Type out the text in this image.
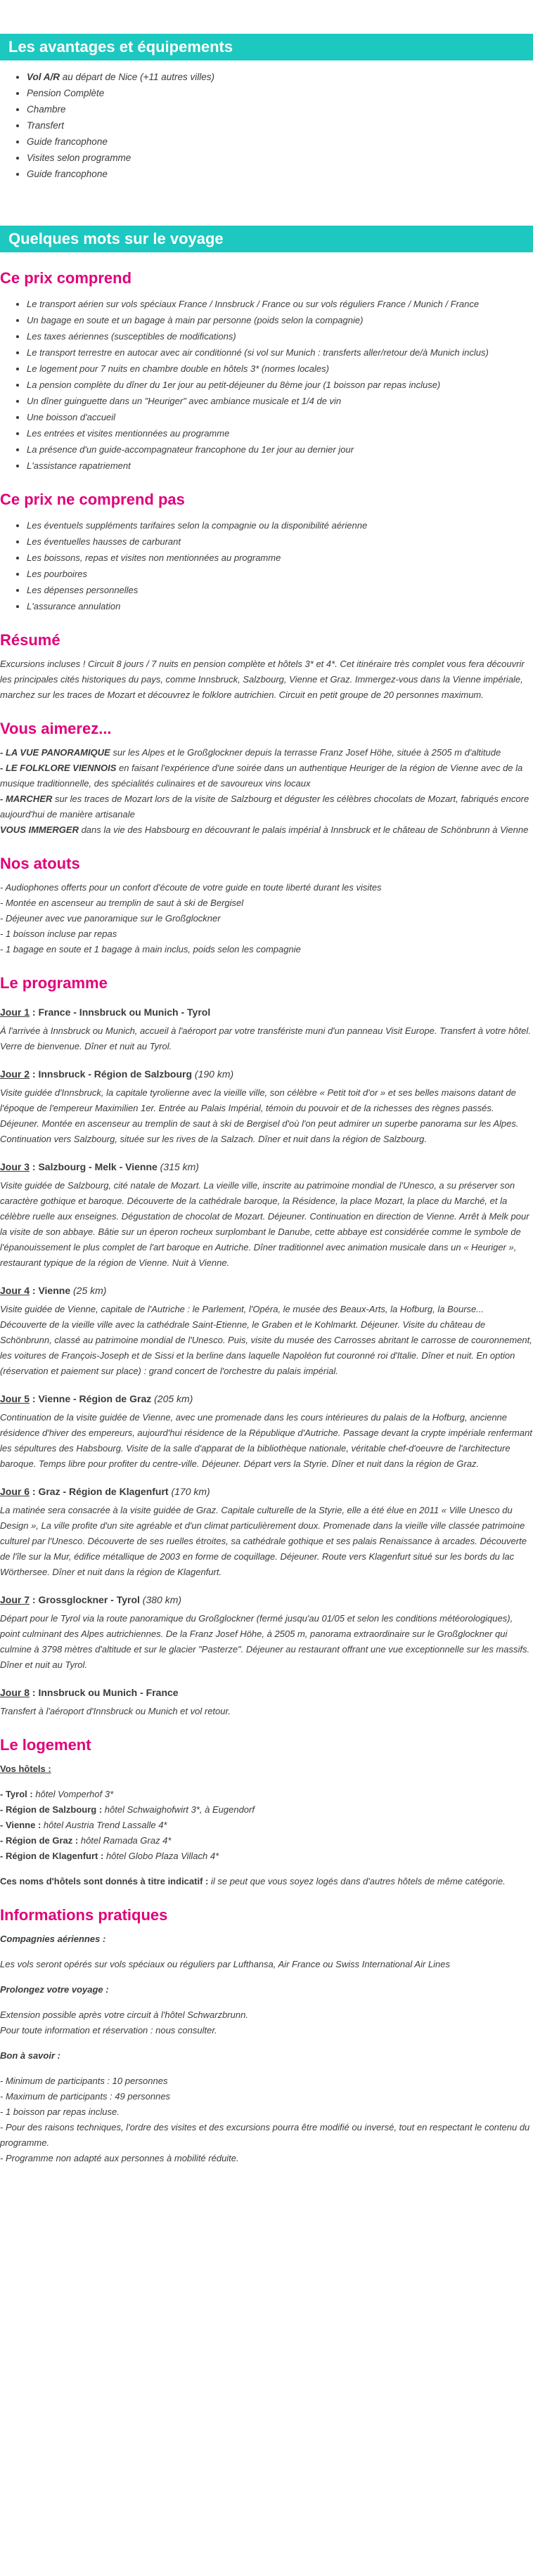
Les avantages et équipements
• Vol A/R au départ de Nice (+11 autres villes)
• Pension Complète
• Chambre
• Transfert
• Guide francophone
• Visites selon programme
• Guide francophone
Quelques mots sur le voyage
Ce prix comprend
• Le transport aérien sur vols spéciaux France / Innsbruck / France ou sur vols réguliers France / Munich / France
• Un bagage en soute et un bagage à main par personne (poids selon la compagnie)
• Les taxes aériennes (susceptibles de modifications)
• Le transport terrestre en autocar avec air conditionné (si vol sur Munich : transferts aller/retour de/à Munich inclus)
• Le logement pour 7 nuits en chambre double en hôtels 3* (normes locales)
• La pension complète du dîner du 1er jour au petit-déjeuner du 8ème jour (1 boisson par repas incluse)
• Un dîner guinguette dans un "Heuriger" avec ambiance musicale et 1/4 de vin
• Une boisson d'accueil
• Les entrées et visites mentionnées au programme
• La présence d'un guide-accompagnateur francophone du 1er jour au dernier jour
• L'assistance rapatriement
Ce prix ne comprend pas
• Les éventuels suppléments tarifaires selon la compagnie ou la disponibilité aérienne
• Les éventuelles hausses de carburant
• Les boissons, repas et visites non mentionnées au programme
• Les pourboires
• Les dépenses personnelles
• L'assurance annulation
Résumé

Excursions incluses ! Circuit 8 jours / 7 nuits en pension complète et hôtels 3* et 4*. Cet itinéraire très complet vous fera découvrir les principales cités historiques du pays, comme Innsbruck, Salzbourg, Vienne et Graz. Immergez-vous dans la Vienne impériale, marchez sur les traces de Mozart et découvrez le folklore autrichien. Circuit en petit groupe de 20 personnes maximum.

Vous aimerez...

- LA VUE PANORAMIQUE sur les Alpes et le Großglockner depuis la terrasse Franz Josef Höhe, située à 2505 m d'altitude

- LE FOLKLORE VIENNOIS en faisant l'expérience d'une soirée dans un authentique Heuriger de la région de Vienne avec de la musique traditionnelle, des spécialités culinaires et de savoureux vins locaux

- MARCHER sur les traces de Mozart lors de la visite de Salzbourg et déguster les célèbres chocolats de Mozart, fabriqués encore aujourd'hui de manière artisanale

VOUS IMMERGER dans la vie des Habsbourg en découvrant le palais impérial à Innsbruck et le château de Schönbrunn à Vienne

Nos atouts

- Audiophones offerts pour un confort d'écoute de votre guide en toute liberté durant les visites

- Montée en ascenseur au tremplin de saut à ski de Bergisel

- Déjeuner avec vue panoramique sur le Großglockner

- 1 boisson incluse par repas

- 1 bagage en soute et 1 bagage à main inclus, poids selon les compagnie

Le programme
Jour 1 : France - Innsbruck ou Munich - Tyrol

À l'arrivée à Innsbruck ou Munich, accueil à l'aéroport par votre transfériste muni d'un panneau Visit Europe. Transfert à votre hôtel. Verre de bienvenue. Dîner et nuit au Tyrol.

Jour 2 : Innsbruck - Région de Salzbourg (190 km)

Visite guidée d'Innsbruck, la capitale tyrolienne avec la vieille ville, son célèbre « Petit toit d'or » et ses belles maisons datant de l'époque de l'empereur Maximilien 1er. Entrée au Palais Impérial, témoin du pouvoir et de la richesses des règnes passés. Déjeuner. Montée en ascenseur au tremplin de saut à ski de Bergisel d'où l'on peut admirer un superbe panorama sur les Alpes. Continuation vers Salzbourg, située sur les rives de la Salzach. Dîner et nuit dans la région de Salzbourg.

Jour 3 : Salzbourg - Melk - Vienne (315 km)

Visite guidée de Salzbourg, cité natale de Mozart. La vieille ville, inscrite au patrimoine mondial de l'Unesco, a su préserver son caractère gothique et baroque. Découverte de la cathédrale baroque, la Résidence, la place Mozart, la place du Marché, et la célèbre ruelle aux enseignes. Dégustation de chocolat de Mozart. Déjeuner. Continuation en direction de Vienne. Arrêt à Melk pour la visite de son abbaye. Bâtie sur un éperon rocheux surplombant le Danube, cette abbaye est considérée comme le symbole de l'épanouissement le plus complet de l'art baroque en Autriche. Dîner traditionnel avec animation musicale dans un « Heuriger », restaurant typique de la région de Vienne. Nuit à Vienne.

Jour 4 : Vienne (25 km)

Visite guidée de Vienne, capitale de l'Autriche : le Parlement, l'Opéra, le musée des Beaux-Arts, la Hofburg, la Bourse... Découverte de la vieille ville avec la cathédrale Saint-Etienne, le Graben et le Kohlmarkt. Déjeuner. Visite du château de Schönbrunn, classé au patrimoine mondial de l'Unesco. Puis, visite du musée des Carrosses abritant le carrosse de couronnement, les voitures de François-Joseph et de Sissi et la berline dans laquelle Napoléon fut couronné roi d'Italie. Dîner et nuit. En option (réservation et paiement sur place) : grand concert de l'orchestre du palais impérial.

Jour 5 : Vienne - Région de Graz (205 km)

Continuation de la visite guidée de Vienne, avec une promenade dans les cours intérieures du palais de la Hofburg, ancienne résidence d'hiver des empereurs, aujourd'hui résidence de la République d'Autriche. Passage devant la crypte impériale renfermant les sépultures des Habsbourg. Visite de la salle d'apparat de la bibliothèque nationale, véritable chef-d'oeuvre de l'architecture baroque. Temps libre pour profiter du centre-ville. Déjeuner. Départ vers la Styrie. Dîner et nuit dans la région de Graz.

Jour 6 : Graz - Région de Klagenfurt (170 km)

La matinée sera consacrée à la visite guidée de Graz. Capitale culturelle de la Styrie, elle a été élue en 2011 « Ville Unesco du Design », La ville profite d'un site agréable et d'un climat particulièrement doux. Promenade dans la vieille ville classée patrimoine culturel par l'Unesco. Découverte de ses ruelles étroites, sa cathédrale gothique et ses palais Renaissance à arcades. Découverte de l'île sur la Mur, édifice métallique de 2003 en forme de coquillage. Déjeuner. Route vers Klagenfurt situé sur les bords du lac Wörthersee. Dîner et nuit dans la région de Klagenfurt.

Jour 7 : Grossglockner - Tyrol (380 km)

Départ pour le Tyrol via la route panoramique du Großglockner (fermé jusqu'au 01/05 et selon les conditions météorologiques), point culminant des Alpes autrichiennes. De la Franz Josef Höhe, à 2505 m, panorama extraordinaire sur le Großglockner qui culmine à 3798 mètres d'altitude et sur le glacier "Pasterze". Déjeuner au restaurant offrant une vue exceptionnelle sur les massifs. Dîner et nuit au Tyrol.

Jour 8 : Innsbruck ou Munich - France

Transfert à l'aéroport d'Innsbruck ou Munich et vol retour.

Le logement

Vos hôtels :

- Tyrol : hôtel Vomperhof 3*

- Région de Salzbourg : hôtel Schwaighofwirt 3*, à Eugendorf

- Vienne : hôtel Austria Trend Lassalle 4*

- Région de Graz : hôtel Ramada Graz 4*

- Région de Klagenfurt : hôtel Globo Plaza Villach 4*

Ces noms d'hôtels sont donnés à titre indicatif : il se peut que vous soyez logés dans d'autres hôtels de même catégorie.

Informations pratiques

Compagnies aériennes :

Les vols seront opérés sur vols spéciaux ou réguliers par Lufthansa, Air France ou Swiss International Air Lines

Prolongez votre voyage :

Extension possible après votre circuit à l'hôtel Schwarzbrunn.

Pour toute information et réservation : nous consulter.

Bon à savoir :

- Minimum de participants : 10 personnes

- Maximum de participants : 49 personnes

- 1 boisson par repas incluse.

- Pour des raisons techniques, l'ordre des visites et des excursions pourra être modifié ou inversé, tout en respectant le contenu du programme.

- Programme non adapté aux personnes à mobilité réduite.
